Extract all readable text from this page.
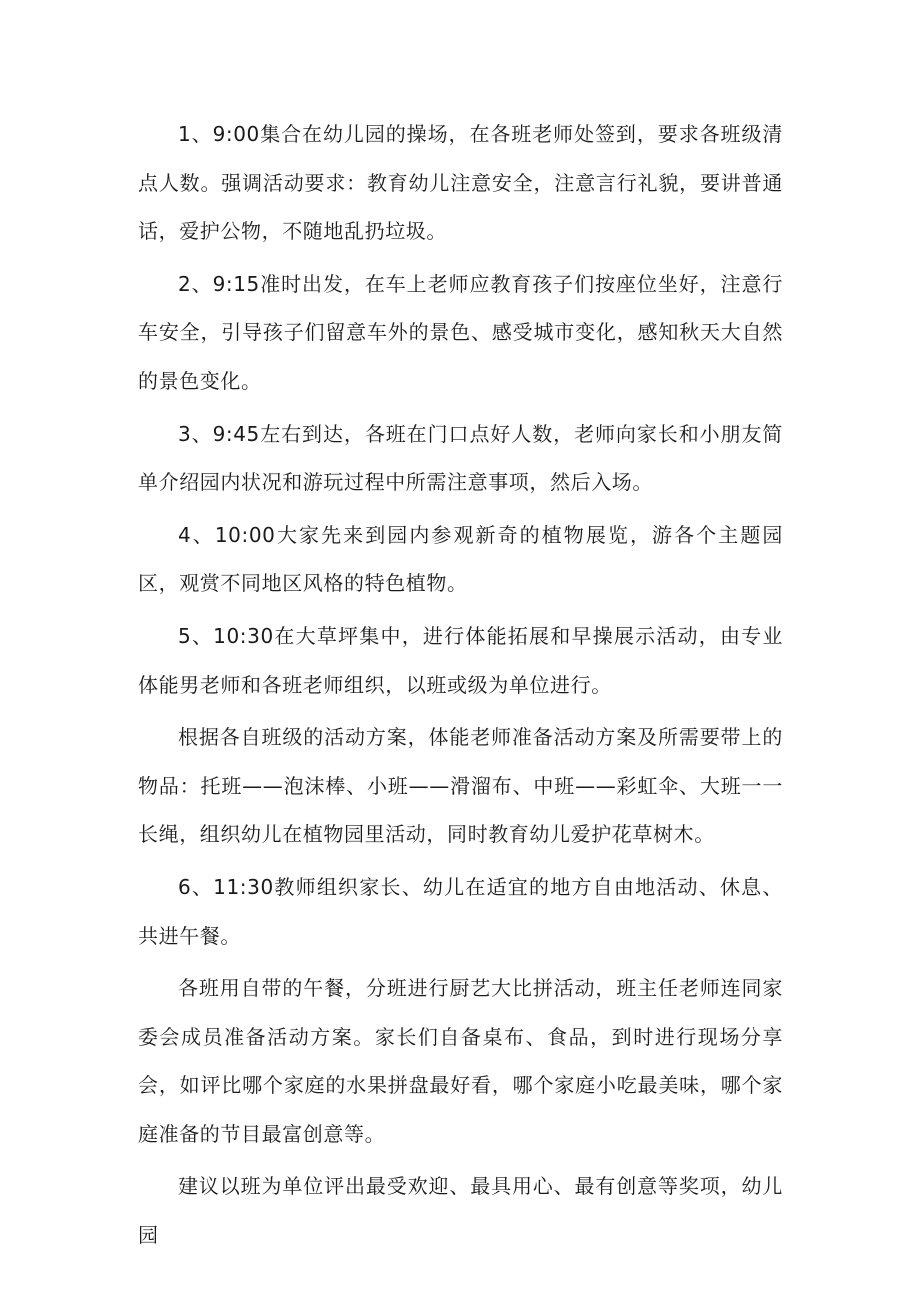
1、9:00集合在幼儿园的操场，在各班老师处签到，要求各班级清点人数。强调活动要求：教育幼儿注意安全，注意言行礼貌，要讲普通话，爱护公物，不随地乱扔垃圾。

2、9:15准时出发，在车上老师应教育孩子们按座位坐好，注意行车安全，引导孩子们留意车外的景色、感受城市变化，感知秋天大自然的景色变化。

3、9:45左右到达，各班在门口点好人数，老师向家长和小朋友简单介绍园内状况和游玩过程中所需注意事项，然后入场。

4、10:00大家先来到园内参观新奇的植物展览，游各个主题园区，观赏不同地区风格的特色植物。

5、10:30在大草坪集中，进行体能拓展和早操展示活动，由专业体能男老师和各班老师组织，以班或级为单位进行。

根据各自班级的活动方案，体能老师准备活动方案及所需要带上的物品：托班——泡沫棒、小班——滑溜布、中班——彩虹伞、大班一一长绳，组织幼儿在植物园里活动，同时教育幼儿爱护花草树木。

6、11:30教师组织家长、幼儿在适宜的地方自由地活动、休息、共进午餐。

各班用自带的午餐，分班进行厨艺大比拼活动，班主任老师连同家委会成员准备活动方案。家长们自备桌布、食品，到时进行现场分享会，如评比哪个家庭的水果拼盘最好看，哪个家庭小吃最美味，哪个家庭准备的节目最富创意等。

建议以班为单位评出最受欢迎、最具用心、最有创意等奖项，幼儿园
